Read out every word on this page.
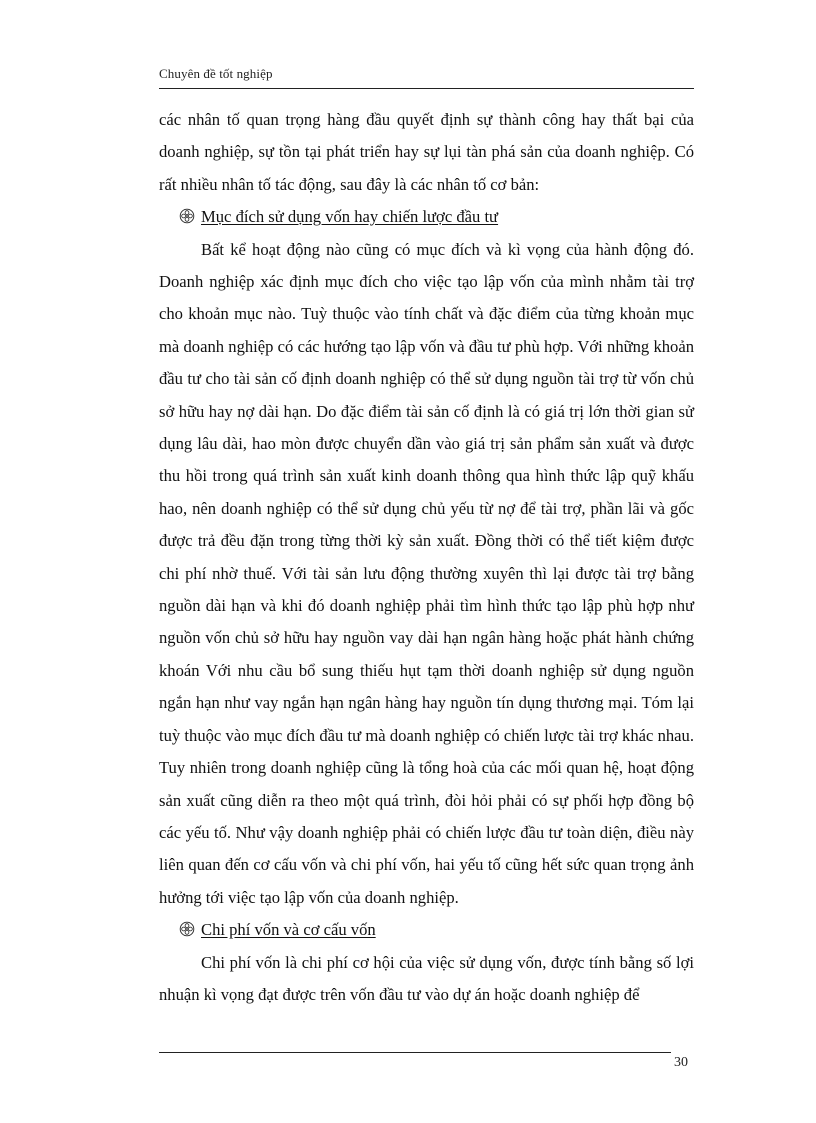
Chuyên đề tốt nghiệp

các nhân tố quan trọng hàng đầu quyết định sự thành công hay thất bại của doanh nghiệp, sự tồn tại phát triển hay sự lụi tàn phá sản của doanh nghiệp. Có rất nhiều nhân tố tác động, sau đây là các nhân tố cơ bản:

Mục đích sử dụng vốn hay chiến lược đầu tư

Bất kể hoạt động nào cũng có mục đích và kì vọng của hành động đó. Doanh nghiệp xác định mục đích cho việc tạo lập vốn của mình nhằm tài trợ cho khoản mục nào. Tuỳ thuộc vào tính chất và đặc điểm của từng khoản mục mà doanh nghiệp có các hướng tạo lập vốn và đầu tư phù hợp. Với những khoản đầu tư cho tài sản cố định doanh nghiệp có thể sử dụng nguồn tài trợ từ vốn chủ sở hữu hay nợ dài hạn. Do đặc điểm tài sản cố định là có giá trị lớn thời gian sử dụng lâu dài, hao mòn được chuyển dần vào giá trị sản phẩm sản xuất và được thu hồi trong quá trình sản xuất kinh doanh thông qua hình thức lập quỹ khấu hao, nên doanh nghiệp có thể sử dụng chủ yếu từ nợ để tài trợ, phần lãi và gốc được trả đều đặn trong từng thời kỳ sản xuất. Đồng thời có thể tiết kiệm được chi phí nhờ thuế. Với tài sản lưu động thường xuyên thì lại được tài trợ bằng nguồn dài hạn và khi đó doanh nghiệp phải tìm hình thức tạo lập phù hợp như nguồn vốn chủ sở hữu hay nguồn vay dài hạn ngân hàng hoặc phát hành chứng khoán Với nhu cầu bổ sung thiếu hụt tạm thời doanh nghiệp sử dụng nguồn ngắn hạn như vay ngắn hạn ngân hàng hay nguồn tín dụng thương mại. Tóm lại tuỳ thuộc vào mục đích đầu tư mà doanh nghiệp có chiến lược tài trợ khác nhau. Tuy nhiên trong doanh nghiệp cũng là tổng hoà của các mối quan hệ, hoạt động sản xuất cũng diễn ra theo một quá trình, đòi hỏi phải có sự phối hợp đồng bộ các yếu tố. Như vậy doanh nghiệp phải có chiến lược đầu tư toàn diện, điều này liên quan đến cơ cấu vốn và chi phí vốn, hai yếu tố cũng hết sức quan trọng ảnh hưởng tới việc tạo lập vốn của doanh nghiệp.

Chi phí vốn và cơ cấu vốn

Chi phí vốn là chi phí cơ hội của việc sử dụng vốn, được tính bằng số lợi nhuận kì vọng đạt được trên vốn đầu tư vào dự án hoặc doanh nghiệp để

30
